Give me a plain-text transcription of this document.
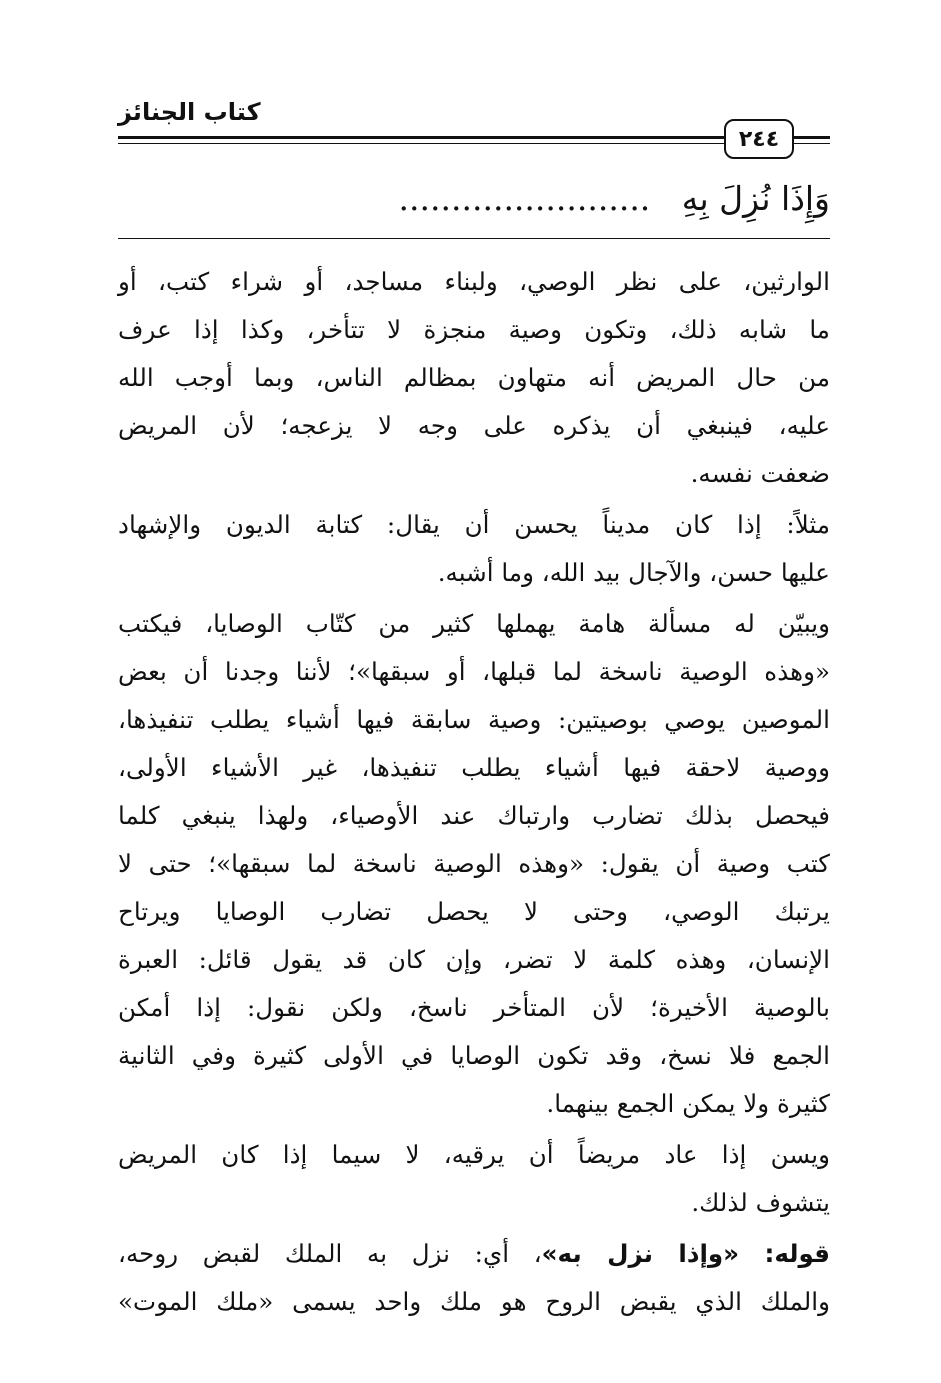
كتاب الجنائز
٢٤٤
وَإِذَا نُزِلَ بِهِ   ........................
الوارثين، على نظر الوصي، ولبناء مساجد، أو شراء كتب، أو
ما شابه ذلك، وتكون وصية منجزة لا تتأخر، وكذا إذا عرف
من حال المريض أنه متهاون بمظالم الناس، وبما أوجب الله
عليه، فينبغي أن يذكره على وجه لا يزعجه؛ لأن المريض
ضعفت نفسه.
مثلاً: إذا كان مديناً يحسن أن يقال: كتابة الديون والإشهاد
عليها حسن، والآجال بيد الله، وما أشبه.
ويبيّن له مسألة هامة يهملها كثير من كتّاب الوصايا، فيكتب
«وهذه الوصية ناسخة لما قبلها، أو سبقها»؛ لأننا وجدنا أن بعض
الموصين يوصي بوصيتين: وصية سابقة فيها أشياء يطلب تنفيذها،
ووصية لاحقة فيها أشياء يطلب تنفيذها، غير الأشياء الأولى،
فيحصل بذلك تضارب وارتباك عند الأوصياء، ولهذا ينبغي كلما
كتب وصية أن يقول: «وهذه الوصية ناسخة لما سبقها»؛ حتى لا
يرتبك الوصي، وحتى لا يحصل تضارب الوصايا ويرتاح
الإنسان، وهذه كلمة لا تضر، وإن كان قد يقول قائل: العبرة
بالوصية الأخيرة؛ لأن المتأخر ناسخ، ولكن نقول: إذا أمكن
الجمع فلا نسخ، وقد تكون الوصايا في الأولى كثيرة وفي الثانية
كثيرة ولا يمكن الجمع بينهما.
ويسن إذا عاد مريضاً أن يرقيه، لا سيما إذا كان المريض
يتشوف لذلك.
قوله: «وإذا نزل به»، أي: نزل به الملك لقبض روحه،
والملك الذي يقبض الروح هو ملك واحد يسمى «ملك الموت»
